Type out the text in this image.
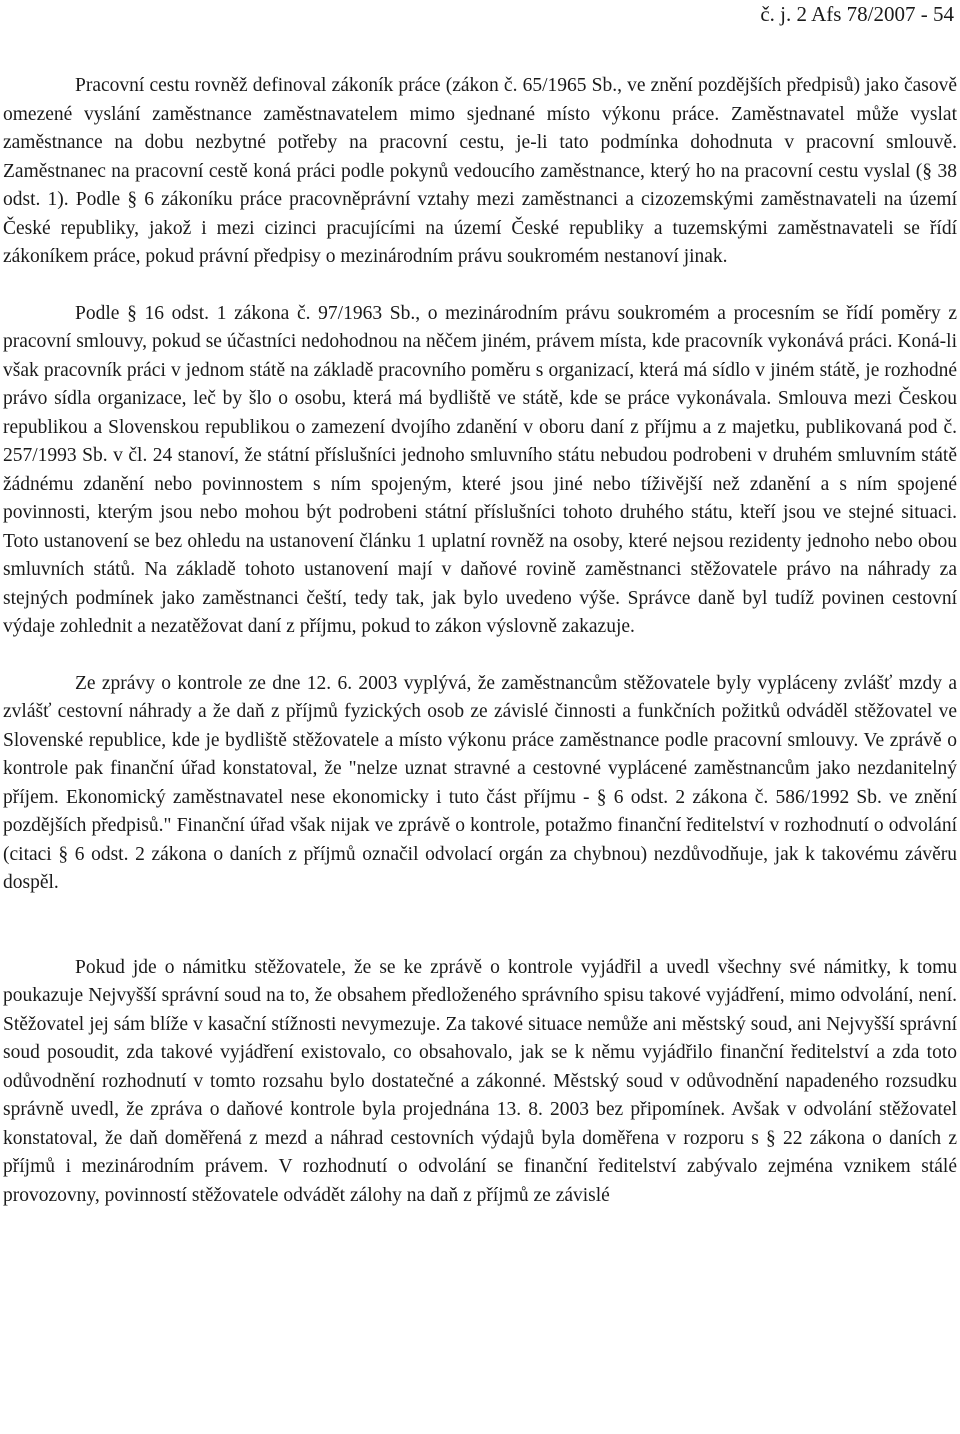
č. j. 2 Afs 78/2007 - 54

Pracovní cestu rovněž definoval zákoník práce (zákon č. 65/1965 Sb., ve znění pozdějších předpisů) jako časově omezené vyslání zaměstnance zaměstnavatelem mimo sjednané místo výkonu práce. Zaměstnavatel může vyslat zaměstnance na dobu nezbytné potřeby na pracovní cestu, je-li tato podmínka dohodnuta v pracovní smlouvě. Zaměstnanec na pracovní cestě koná práci podle pokynů vedoucího zaměstnance, který ho na pracovní cestu vyslal (§ 38 odst. 1). Podle § 6 zákoníku práce pracovněprávní vztahy mezi zaměstnanci a cizozemskými zaměstnavateli na území České republiky, jakož i mezi cizinci pracujícími na území České republiky a tuzemskými zaměstnavateli se řídí zákoníkem práce, pokud právní předpisy o mezinárodním právu soukromém nestanoví jinak.

Podle § 16 odst. 1 zákona č. 97/1963 Sb., o mezinárodním právu soukromém a procesním se řídí poměry z pracovní smlouvy, pokud se účastníci nedohodnou na něčem jiném, právem místa, kde pracovník vykonává práci. Koná-li však pracovník práci v jednom státě na základě pracovního poměru s organizací, která má sídlo v jiném státě, je rozhodné právo sídla organizace, leč by šlo o osobu, která má bydliště ve státě, kde se práce vykonávala. Smlouva mezi Českou republikou a Slovenskou republikou o zamezení dvojího zdanění v oboru daní z příjmu a z majetku, publikovaná pod č. 257/1993 Sb. v čl. 24 stanoví, že státní příslušníci jednoho smluvního státu nebudou podrobeni v druhém smluvním státě žádnému zdanění nebo povinnostem s ním spojeným, které jsou jiné nebo tíživější než zdanění a s ním spojené povinnosti, kterým jsou nebo mohou být podrobeni státní příslušníci tohoto druhého státu, kteří jsou ve stejné situaci. Toto ustanovení se bez ohledu na ustanovení článku 1 uplatní rovněž na osoby, které nejsou rezidenty jednoho nebo obou smluvních států. Na základě tohoto ustanovení mají v daňové rovině zaměstnanci stěžovatele právo na náhrady za stejných podmínek jako zaměstnanci čeští, tedy tak, jak bylo uvedeno výše. Správce daně byl tudíž povinen cestovní výdaje zohlednit a nezatěžovat daní z příjmu, pokud to zákon výslovně zakazuje.

Ze zprávy o kontrole ze dne 12. 6. 2003 vyplývá, že zaměstnancům stěžovatele byly vypláceny zvlášť mzdy a zvlášť cestovní náhrady a že daň z příjmů fyzických osob ze závislé činnosti a funkčních požitků odváděl stěžovatel ve Slovenské republice, kde je bydliště stěžovatele a místo výkonu práce zaměstnance podle pracovní smlouvy. Ve zprávě o kontrole pak finanční úřad konstatoval, že "nelze uznat stravné a cestovné vyplácené zaměstnancům jako nezdanitelný příjem. Ekonomický zaměstnavatel nese ekonomicky i tuto část příjmu - § 6 odst. 2 zákona č. 586/1992 Sb. ve znění pozdějších předpisů." Finanční úřad však nijak ve zprávě o kontrole, potažmo finanční ředitelství v rozhodnutí o odvolání (citaci § 6 odst. 2 zákona o daních z příjmů označil odvolací orgán za chybnou) nezdůvodňuje, jak k takovému závěru dospěl.

Pokud jde o námitku stěžovatele, že se ke zprávě o kontrole vyjádřil a uvedl všechny své námitky, k tomu poukazuje Nejvyšší správní soud na to, že obsahem předloženého správního spisu takové vyjádření, mimo odvolání, není. Stěžovatel jej sám blíže v kasační stížnosti nevymezuje. Za takové situace nemůže ani městský soud, ani Nejvyšší správní soud posoudit, zda takové vyjádření existovalo, co obsahovalo, jak se k němu vyjádřilo finanční ředitelství a zda toto odůvodnění rozhodnutí v tomto rozsahu bylo dostatečné a zákonné. Městský soud v odůvodnění napadeného rozsudku správně uvedl, že zpráva o daňové kontrole byla projednána 13. 8. 2003 bez připomínek. Avšak v odvolání stěžovatel konstatoval, že daň doměřená z mezd a náhrad cestovních výdajů byla doměřena v rozporu s § 22 zákona o daních z příjmů i mezinárodním právem. V rozhodnutí o odvolání se finanční ředitelství zabývalo zejména vznikem stálé provozovny, povinností stěžovatele odvádět zálohy na daň z příjmů ze závislé
